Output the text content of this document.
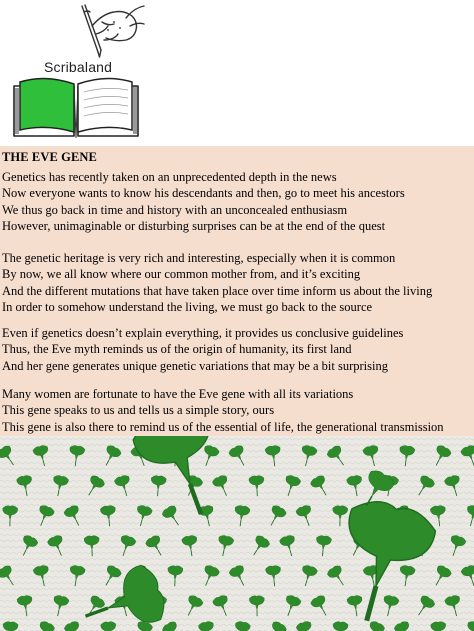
Scribaland
THE EVE GENE
Genetics has recently taken on an unprecedented depth in the news
Now everyone wants to know his descendants and then, go to meet his ancestors
We thus go back in time and history with an unconcealed enthusiasm
However, unimaginable or disturbing surprises can be at the end of the quest
The genetic heritage is very rich and interesting, especially when it is common
By now, we all know where our common mother from, and it’s exciting
And the different mutations that have taken place over time inform us about the living
In order to somehow understand the living, we must go back to the source
Even if genetics doesn’t explain everything, it provides us conclusive guidelines
Thus, the Eve myth reminds us of the origin of humanity, its first land
And her gene generates unique genetic variations that may be a bit surprising
Many women are fortunate to have the Eve gene with all its variations
This gene speaks to us and tells us a simple story, ours
This gene is also there to remind us of the essential of life, the generational transmission
